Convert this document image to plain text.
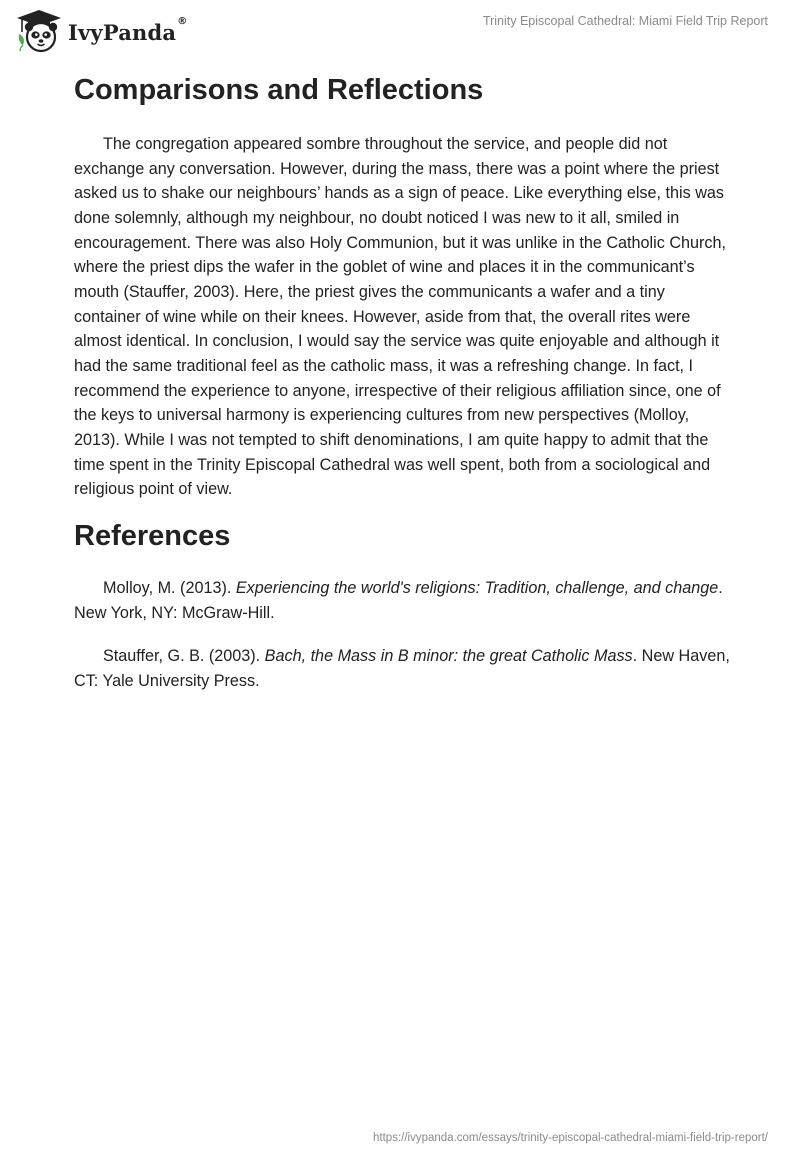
IvyPanda®	Trinity Episcopal Cathedral: Miami Field Trip Report
Comparisons and Reflections

The congregation appeared sombre throughout the service, and people did not exchange any conversation. However, during the mass, there was a point where the priest asked us to shake our neighbours’ hands as a sign of peace. Like everything else, this was done solemnly, although my neighbour, no doubt noticed I was new to it all, smiled in encouragement. There was also Holy Communion, but it was unlike in the Catholic Church, where the priest dips the wafer in the goblet of wine and places it in the communicant’s mouth (Stauffer, 2003). Here, the priest gives the communicants a wafer and a tiny container of wine while on their knees. However, aside from that, the overall rites were almost identical. In conclusion, I would say the service was quite enjoyable and although it had the same traditional feel as the catholic mass, it was a refreshing change. In fact, I recommend the experience to anyone, irrespective of their religious affiliation since, one of the keys to universal harmony is experiencing cultures from new perspectives (Molloy, 2013). While I was not tempted to shift denominations, I am quite happy to admit that the time spent in the Trinity Episcopal Cathedral was well spent, both from a sociological and religious point of view.

References

Molloy, M. (2013). Experiencing the world's religions: Tradition, challenge, and change. New York, NY: McGraw-Hill.

Stauffer, G. B. (2003). Bach, the Mass in B minor: the great Catholic Mass. New Haven, CT: Yale University Press.

https://ivypanda.com/essays/trinity-episcopal-cathedral-miami-field-trip-report/
